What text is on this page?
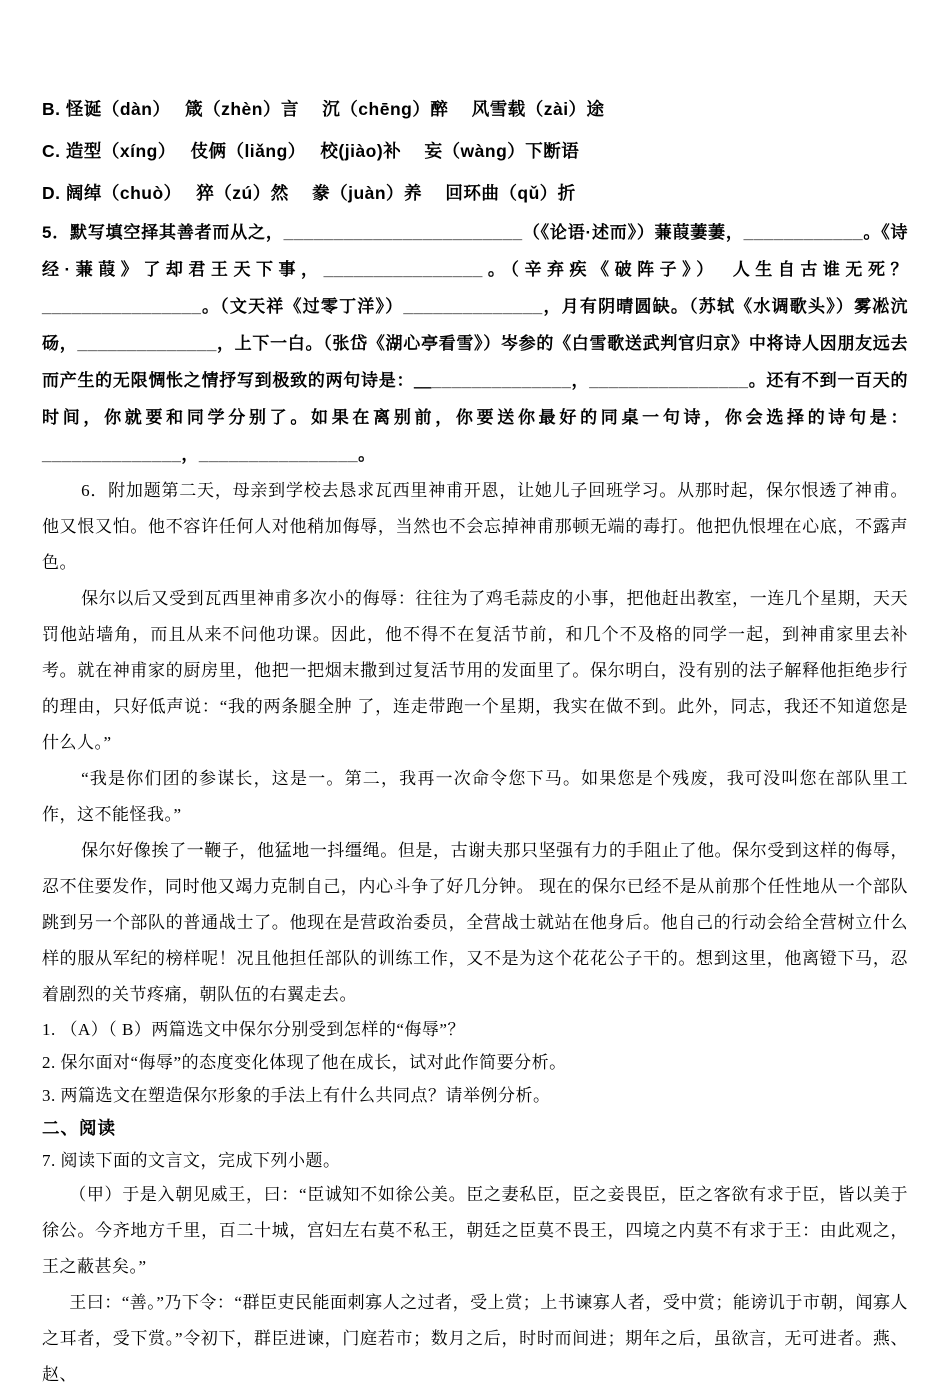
B. 怪诞（dàn）　 箴（zhèn）言　 沉（chēng）醉　 风雪载（zài）途
C. 造型（xíng）　 伎俩（liǎng）　 校(jiào)补　 妄（wàng）下断语
D. 阔绰（chuò）　 猝（zú）然　 豢（juàn）养　 回环曲（qǔ）折

5．默写填空择其善者而从之，________________________（《论语·述而》）蒹葭萋萋，____________。《诗经·蒹葭》了却君王天下事，________________。（辛弃疾《破阵子》）　人生自古谁无死？________________。（文天祥《过零丁洋》）______________，月有阴晴圆缺。（苏轼《水调歌头》）雾凇沆砀，______________，上下一白。（张岱《湖心亭看雪》）岑参的《白雪歌送武判官归京》中将诗人因朋友远去而产生的无限惆怅之情抒写到极致的两句诗是：＿______________，________________。还有不到一百天的时间，你就要和同学分别了。如果在离别前，你要送你最好的同桌一句诗，你会选择的诗句是：______________，________________。

6．附加题第二天，母亲到学校去恳求瓦西里神甫开恩，让她儿子回班学习。从那时起，保尔恨透了神甫。他又恨又怕。他不容许任何人对他稍加侮辱，当然也不会忘掉神甫那顿无端的毒打。他把仇恨埋在心底，不露声色。

保尔以后又受到瓦西里神甫多次小的侮辱：往往为了鸡毛蒜皮的小事，把他赶出教室，一连几个星期，天天罚他站墙角，而且从来不问他功课。因此，他不得不在复活节前，和几个不及格的同学一起，到神甫家里去补考。就在神甫家的厨房里，他把一把烟末撒到过复活节用的发面里了。保尔明白，没有别的法子解释他拒绝步行的理由，只好低声说：“我的两条腿全肿 了，连走带跑一个星期，我实在做不到。此外，同志，我还不知道您是什么人。”

“我是你们团的参谋长，这是一。第二，我再一次命令您下马。如果您是个残废，我可没叫您在部队里工作，这不能怪我。”

保尔好像挨了一鞭子，他猛地一抖缰绳。但是，古谢夫那只坚强有力的手阻止了他。保尔受到这样的侮辱，忍不住要发作，同时他又竭力克制自己，内心斗争了好几分钟。 现在的保尔已经不是从前那个任性地从一个部队跳到另一个部队的普通战士了。他现在是营政治委员，全营战士就站在他身后。他自己的行动会给全营树立什么样的服从军纪的榜样呢！况且他担任部队的训练工作，又不是为这个花花公子干的。想到这里，他离镫下马，忍着剧烈的关节疼痛，朝队伍的右翼走去。

1. （A）（ B）两篇选文中保尔分别受到怎样的“侮辱”？

2. 保尔面对“侮辱”的态度变化体现了他在成长，试对此作简要分析。

3. 两篇选文在塑造保尔形象的手法上有什么共同点？请举例分析。

二、阅读

7. 阅读下面的文言文，完成下列小题。

（甲）于是入朝见威王，曰：“臣诚知不如徐公美。臣之妻私臣，臣之妾畏臣，臣之客欲有求于臣，皆以美于徐公。今齐地方千里，百二十城，宫妇左右莫不私王，朝廷之臣莫不畏王，四境之内莫不有求于王：由此观之，王之蔽甚矣。”

王曰：“善。”乃下令：“群臣吏民能面刺寡人之过者，受上赏；上书谏寡人者，受中赏；能谤讥于市朝，闻寡人之耳者，受下赏。”令初下，群臣进谏，门庭若市；数月之后，时时而间进；期年之后，虽欲言，无可进者。燕、赵、
